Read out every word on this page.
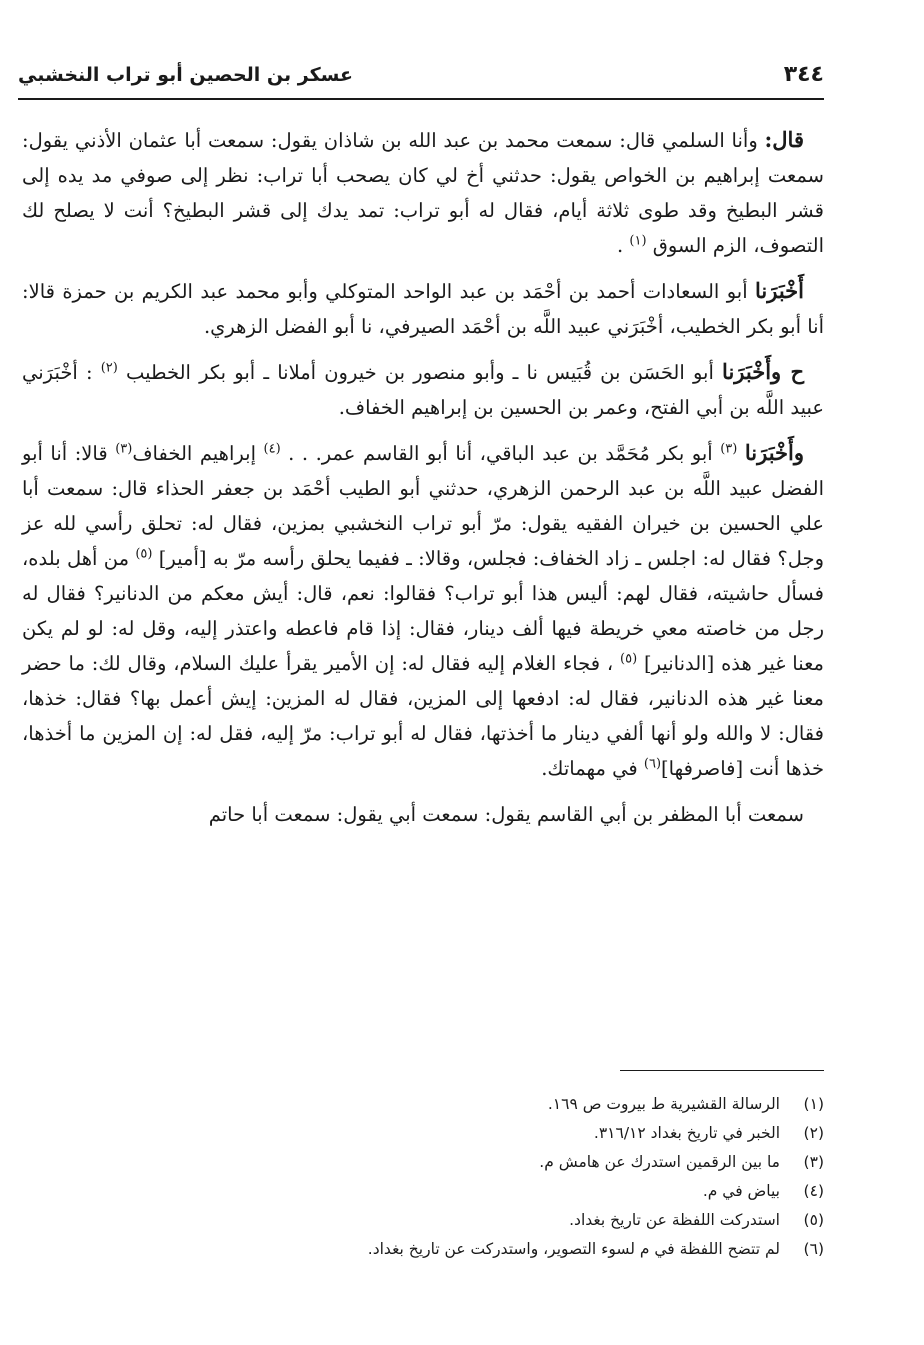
٣٤٤
عسكر بن الحصين أبو تراب النخشبي

قال: وأنا السلمي قال: سمعت محمد بن عبد الله بن شاذان يقول: سمعت أبا عثمان الأذني يقول: سمعت إبراهيم بن الخواص يقول: حدثني أخ لي كان يصحب أبا تراب: نظر إلى صوفي مد يده إلى قشر البطيخ وقد طوى ثلاثة أيام، فقال له أبو تراب: تمد يدك إلى قشر البطيخ؟ أنت لا يصلح لك التصوف، الزم السوق $^{(١)}$ .

أَخْبَرَنا أبو السعادات أحمد بن أحْمَد بن عبد الواحد المتوكلي وأبو محمد عبد الكريم بن حمزة قالا: أنا أبو بكر الخطيب، أخْبَرَني عبيد اللَّه بن أحْمَد الصيرفي، نا أبو الفضل الزهري.

ح وأَخْبَرَنا أبو الحَسَن بن قُبَيس نا ـ وأبو منصور بن خيرون أملانا ـ أبو بكر الخطيب $^{(٢)}$ : أخْبَرَني عبيد اللَّه بن أبي الفتح، وعمر بن الحسين بن إبراهيم الخفاف.

وأَخْبَرَنا $^{(٣)}$ أبو بكر مُحَمَّد بن عبد الباقي، أنا أبو القاسم عمر. . . $^{(٤)}$ إبراهيم الخفاف$^{(٣)}$ قالا: أنا أبو الفضل عبيد اللَّه بن عبد الرحمن الزهري، حدثني أبو الطيب أحْمَد بن جعفر الحذاء قال: سمعت أبا علي الحسين بن خيران الفقيه يقول: مرّ أبو تراب النخشبي بمزين، فقال له: تحلق رأسي لله عز وجل؟ فقال له: اجلس ـ زاد الخفاف: فجلس، وقالا: ـ ففيما يحلق رأسه مرّ به [أمير] $^{(٥)}$ من أهل بلده، فسأل حاشيته، فقال لهم: أليس هذا أبو تراب؟ فقالوا: نعم، قال: أيش معكم من الدنانير؟ فقال له رجل من خاصته معي خريطة فيها ألف دينار، فقال: إذا قام فاعطه واعتذر إليه، وقل له: لو لم يكن معنا غير هذه [الدنانير] $^{(٥)}$ ، فجاء الغلام إليه فقال له: إن الأمير يقرأ عليك السلام، وقال لك: ما حضر معنا غير هذه الدنانير، فقال له: ادفعها إلى المزين، فقال له المزين: إيش أعمل بها؟ فقال: خذها، فقال: لا والله ولو أنها ألفي دينار ما أخذتها، فقال له أبو تراب: مرّ إليه، فقل له: إن المزين ما أخذها، خذها أنت [فاصرفها]$^{(٦)}$ في مهماتك.

سمعت أبا المظفر بن أبي القاسم يقول: سمعت أبي يقول: سمعت أبا حاتم

(١)
الرسالة القشيرية ط بيروت ص ١٦٩.
(٢)
الخبر في تاريخ بغداد ٣١٦/١٢.
(٣)
ما بين الرقمين استدرك عن هامش م.
(٤)
بياض في م.
(٥)
استدركت اللفظة عن تاريخ بغداد.
(٦)
لم تتضح اللفظة في م لسوء التصوير، واستدركت عن تاريخ بغداد.
